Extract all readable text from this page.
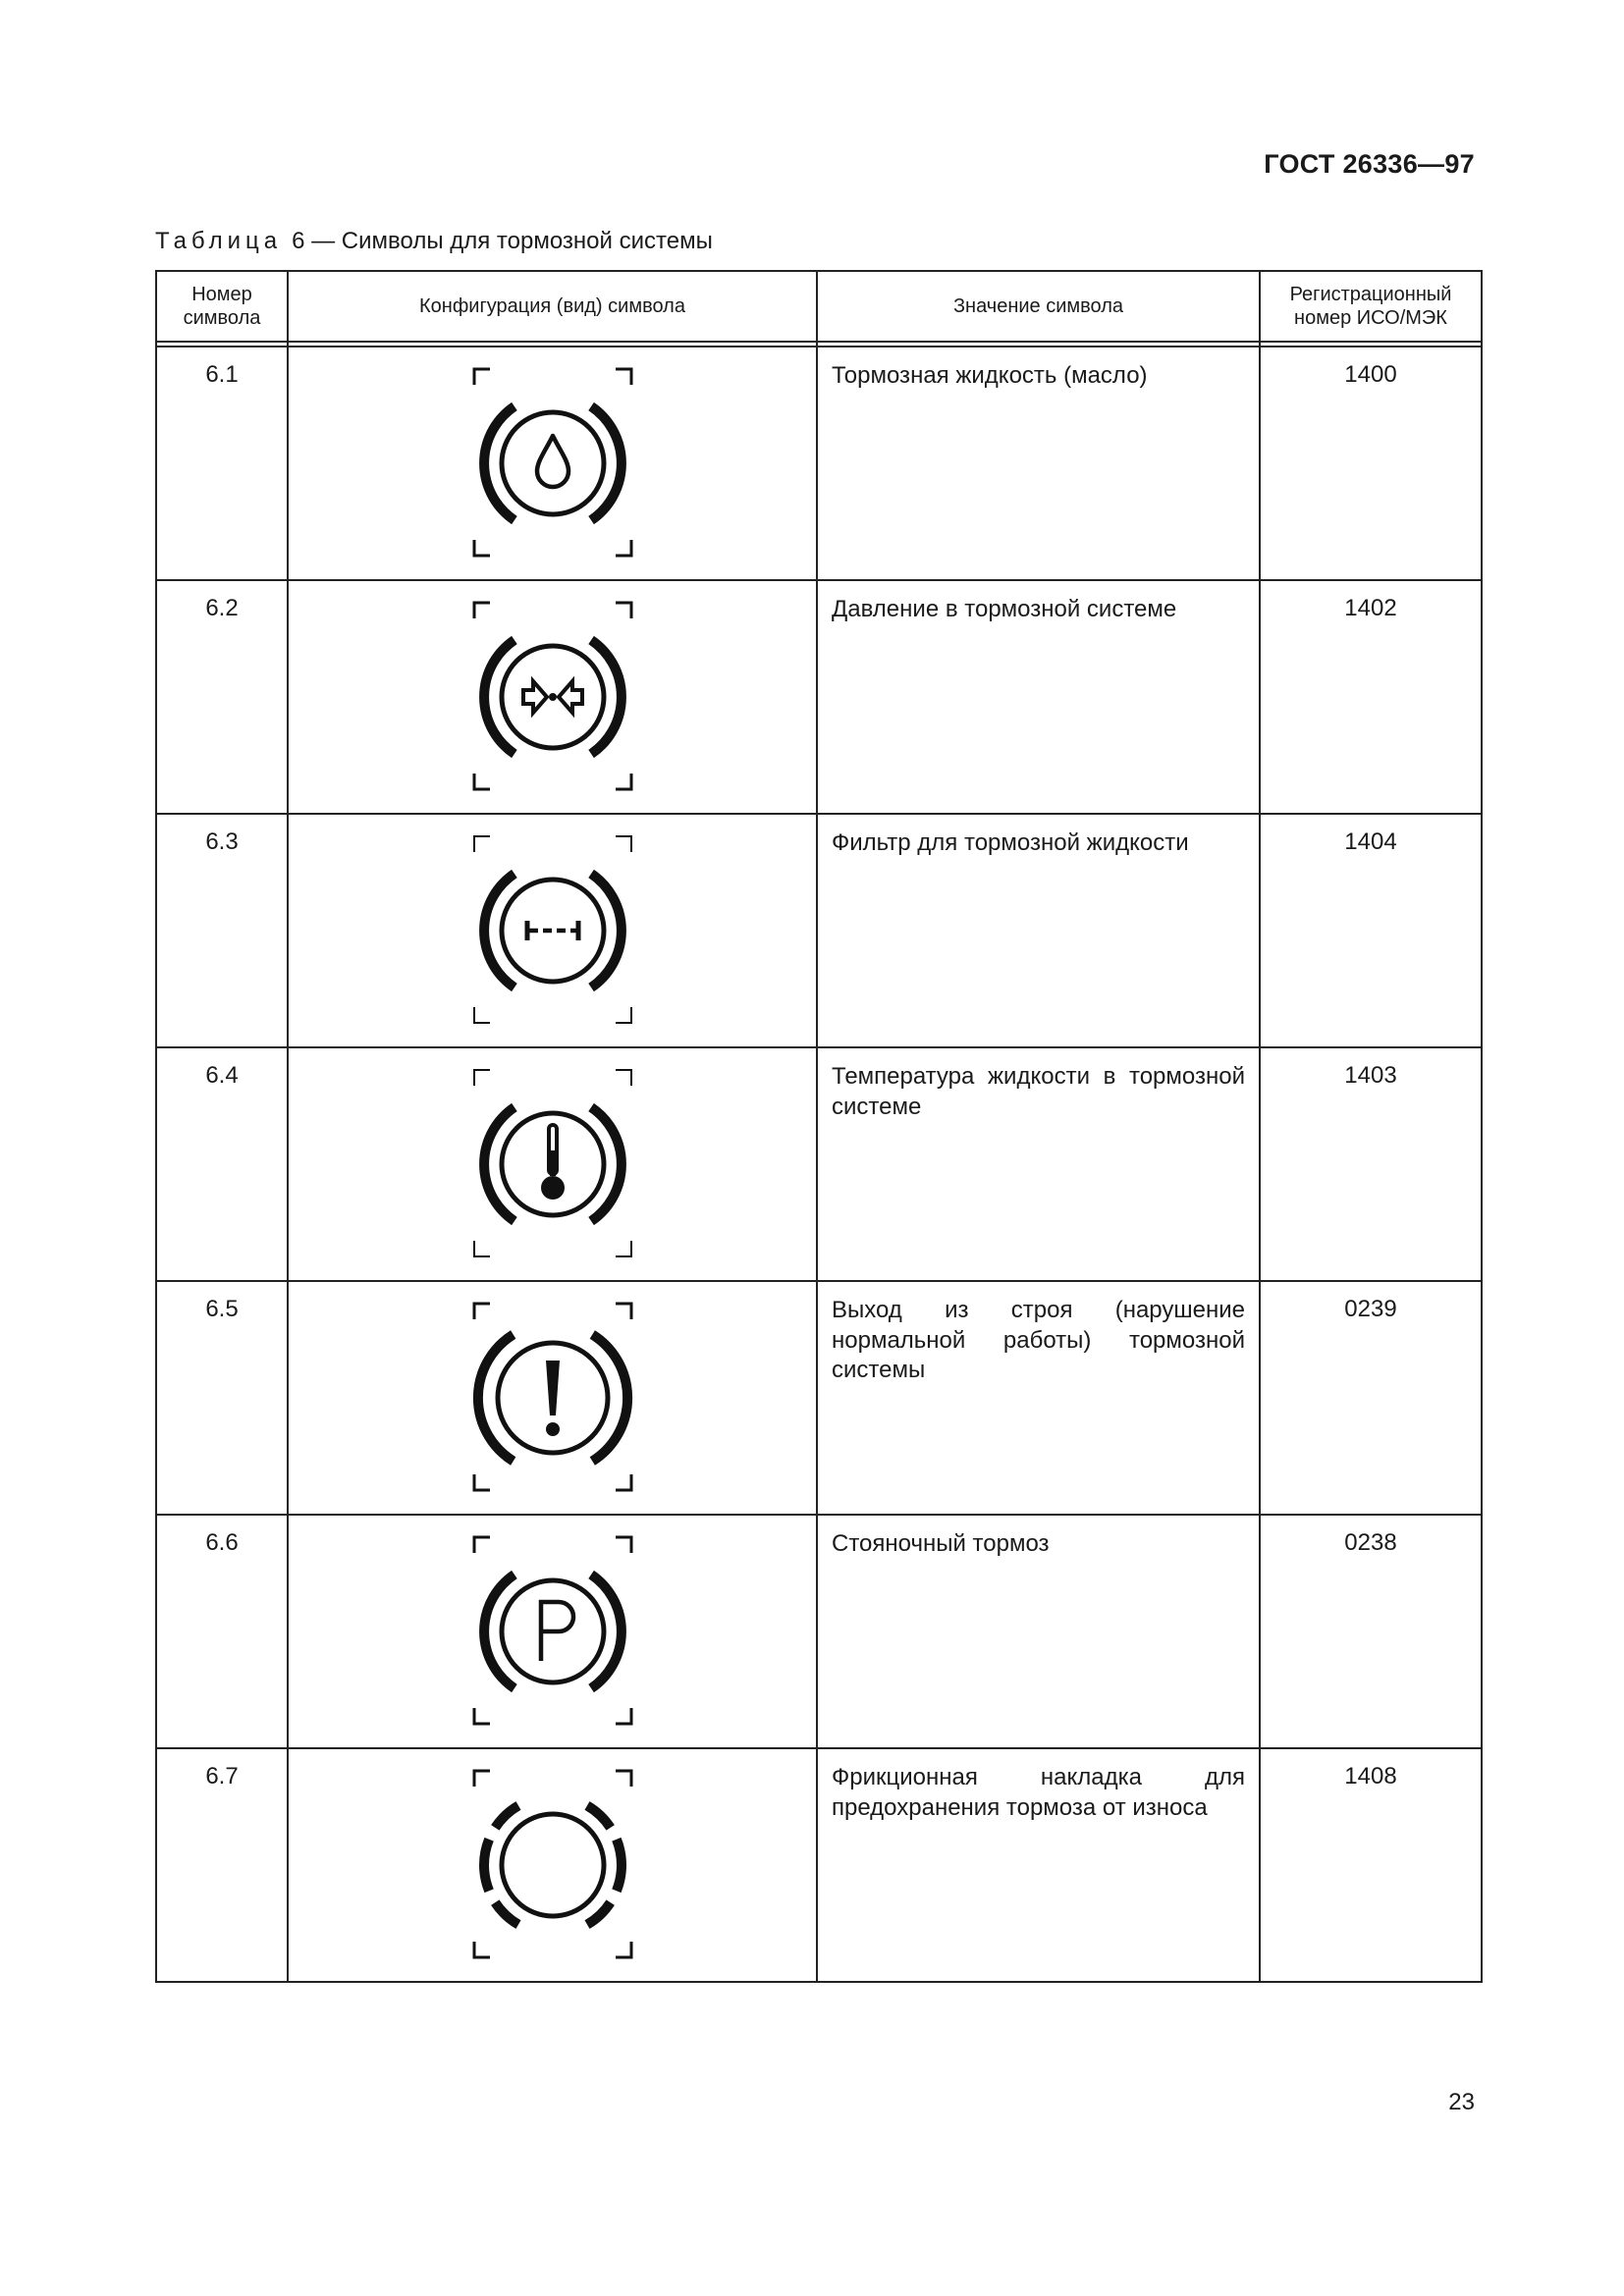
ГОСТ 26336—97
Таблица 6 — Символы для тормозной системы
Номер символа	Конфигурация (вид) символа	Значение символа	Регистрационный номер ИСО/МЭК

6.1		Тормозная жидкость (масло)	1400
6.2		Давление в тормозной системе	1402
6.3		Фильтр для тормозной жидкости	1404
6.4		Температура жидкости в тормозной системе	1403
6.5		Выход из строя (нарушение нормальной работы) тормозной системы	0239
6.6		Стояночный тормоз	0238
6.7		Фрикционная накладка для предохранения тормоза от износа	1408
23
